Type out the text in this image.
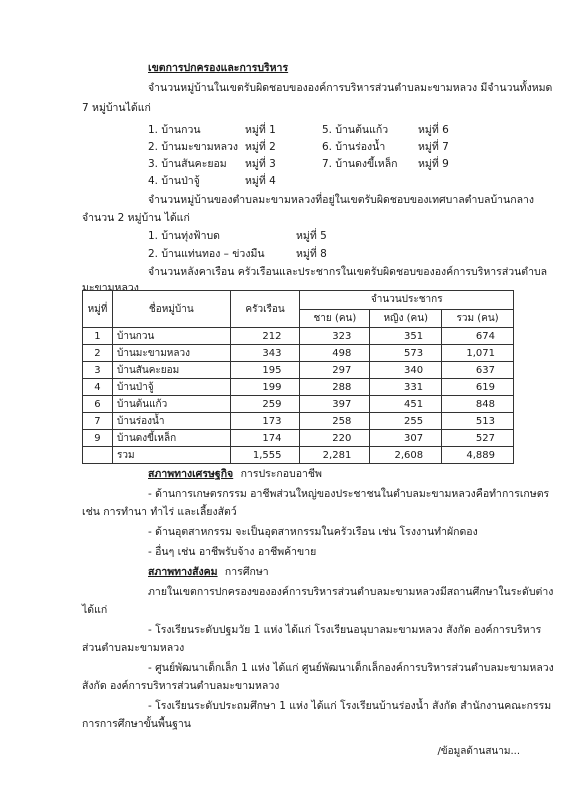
เขตการปกครองและการบริหาร
จำนวนหมู่บ้านในเขตรับผิดชอบขององค์การบริหารส่วนตำบลมะขามหลวง มีจำนวนทั้งหมด
7 หมู่บ้านได้แก่
1. บ้านกวน	หมู่ที่ 1
2. บ้านมะขามหลวง หมู่ที่ 2
3. บ้านสันคะยอม หมู่ที่ 3
4. บ้านป่าจู้	หมู่ที่ 4
5. บ้านต้นแก้ว	หมู่ที่ 6
6. บ้านร่องน้ำ	หมู่ที่ 7
7. บ้านดงขี้เหล็ก หมู่ที่ 9
จำนวนหมู่บ้านของตำบลมะขามหลวงที่อยู่ในเขตรับผิดชอบของเทศบาลตำบลบ้านกลาง
จำนวน 2 หมู่บ้าน ได้แก่
1. บ้านทุ่งฟ้าบด	หมู่ที่ 5
2. บ้านแท่นทอง – ข่วงมืน	หมู่ที่ 8
จำนวนหลังคาเรือน ครัวเรือนและประชากรในเขตรับผิดชอบขององค์การบริหารส่วนตำบล
มะขามหลวง
หมู่ที่	ชื่อหมู่บ้าน	ครัวเรือน	จำนวนประชากร		
			ชาย (คน)	หญิง (คน)	รวม (คน)
1	บ้านกวน	212	323	351	674
2	บ้านมะขามหลวง	343	498	573	1,071
3	บ้านสันคะยอม	195	297	340	637
4	บ้านป่าจู้	199	288	331	619
6	บ้านต้นแก้ว	259	397	451	848
7	บ้านร่องน้ำ	173	258	255	513
9	บ้านดงขี้เหล็ก	174	220	307	527
	รวม	1,555	2,281	2,608	4,889
สภาพทางเศรษฐกิจ การประกอบอาชีพ
- ด้านการเกษตรกรรม อาชีพส่วนใหญ่ของประชาชนในตำบลมะขามหลวงคือทำการเกษตร
เช่น การทำนา ทำไร่ และเลี้ยงสัตว์
- ด้านอุตสาหกรรม จะเป็นอุตสาหกรรมในครัวเรือน เช่น โรงงานทำผักดอง
- อื่นๆ เช่น อาชีพรับจ้าง อาชีพค้าขาย
สภาพทางสังคม การศึกษา
ภายในเขตการปกครองขององค์การบริหารส่วนตำบลมะขามหลวงมีสถานศึกษาในระดับต่าง
ได้แก่
- โรงเรียนระดับปฐมวัย 1 แห่ง ได้แก่ โรงเรียนอนุบาลมะขามหลวง สังกัด องค์การบริหาร
ส่วนตำบลมะขามหลวง
- ศูนย์พัฒนาเด็กเล็ก 1 แห่ง ได้แก่ ศูนย์พัฒนาเด็กเล็กองค์การบริหารส่วนตำบลมะขามหลวง
สังกัด องค์การบริหารส่วนตำบลมะขามหลวง
- โรงเรียนระดับประถมศึกษา 1 แห่ง ได้แก่ โรงเรียนบ้านร่องน้ำ สังกัด สำนักงานคณะกรรม
การการศึกษาขั้นพื้นฐาน
/ข้อมูลด้านสนาม...
